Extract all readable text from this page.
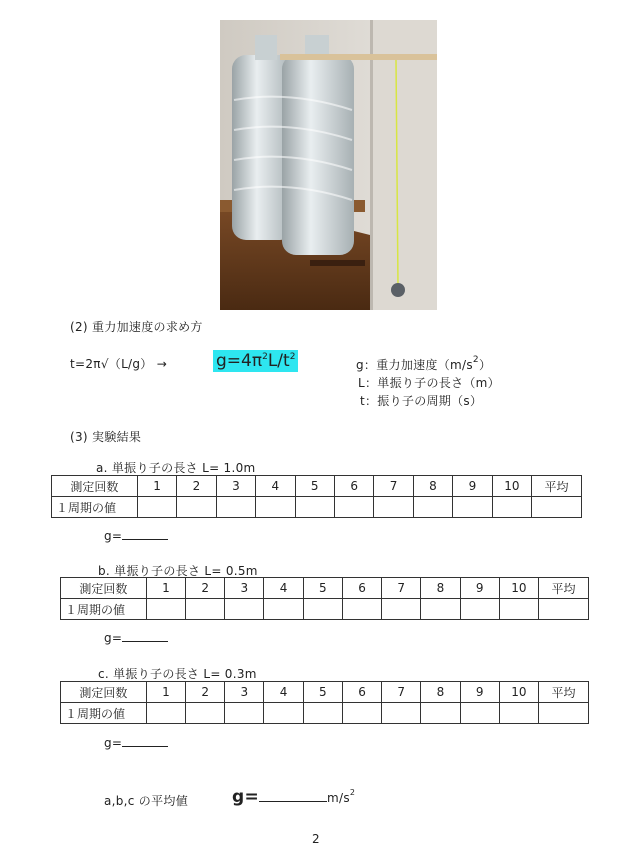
(2) 重力加速度の求め方
t=2π√（L/g） →	$g=4\pi^2L/t^2$
g：重力加速度$(m/s^2)$
L：単振り子の長さ（m）
t：振り子の周期（s）
(3) 実験結果
a. 単振り子の長さ L= 1.0m
測定回数	1	2	3	4	5	6	7	8	9	10	平均
１周期の値											
g=
b. 単振り子の長さ L= 0.5m
測定回数	1	2	3	4	5	6	7	8	9	10	平均
１周期の値											
g=
c. 単振り子の長さ L= 0.3m
測定回数	1	2	3	4	5	6	7	8	9	10	平均
１周期の値											
g=
a,b,c の平均値	g=	$m/s^2$
2
